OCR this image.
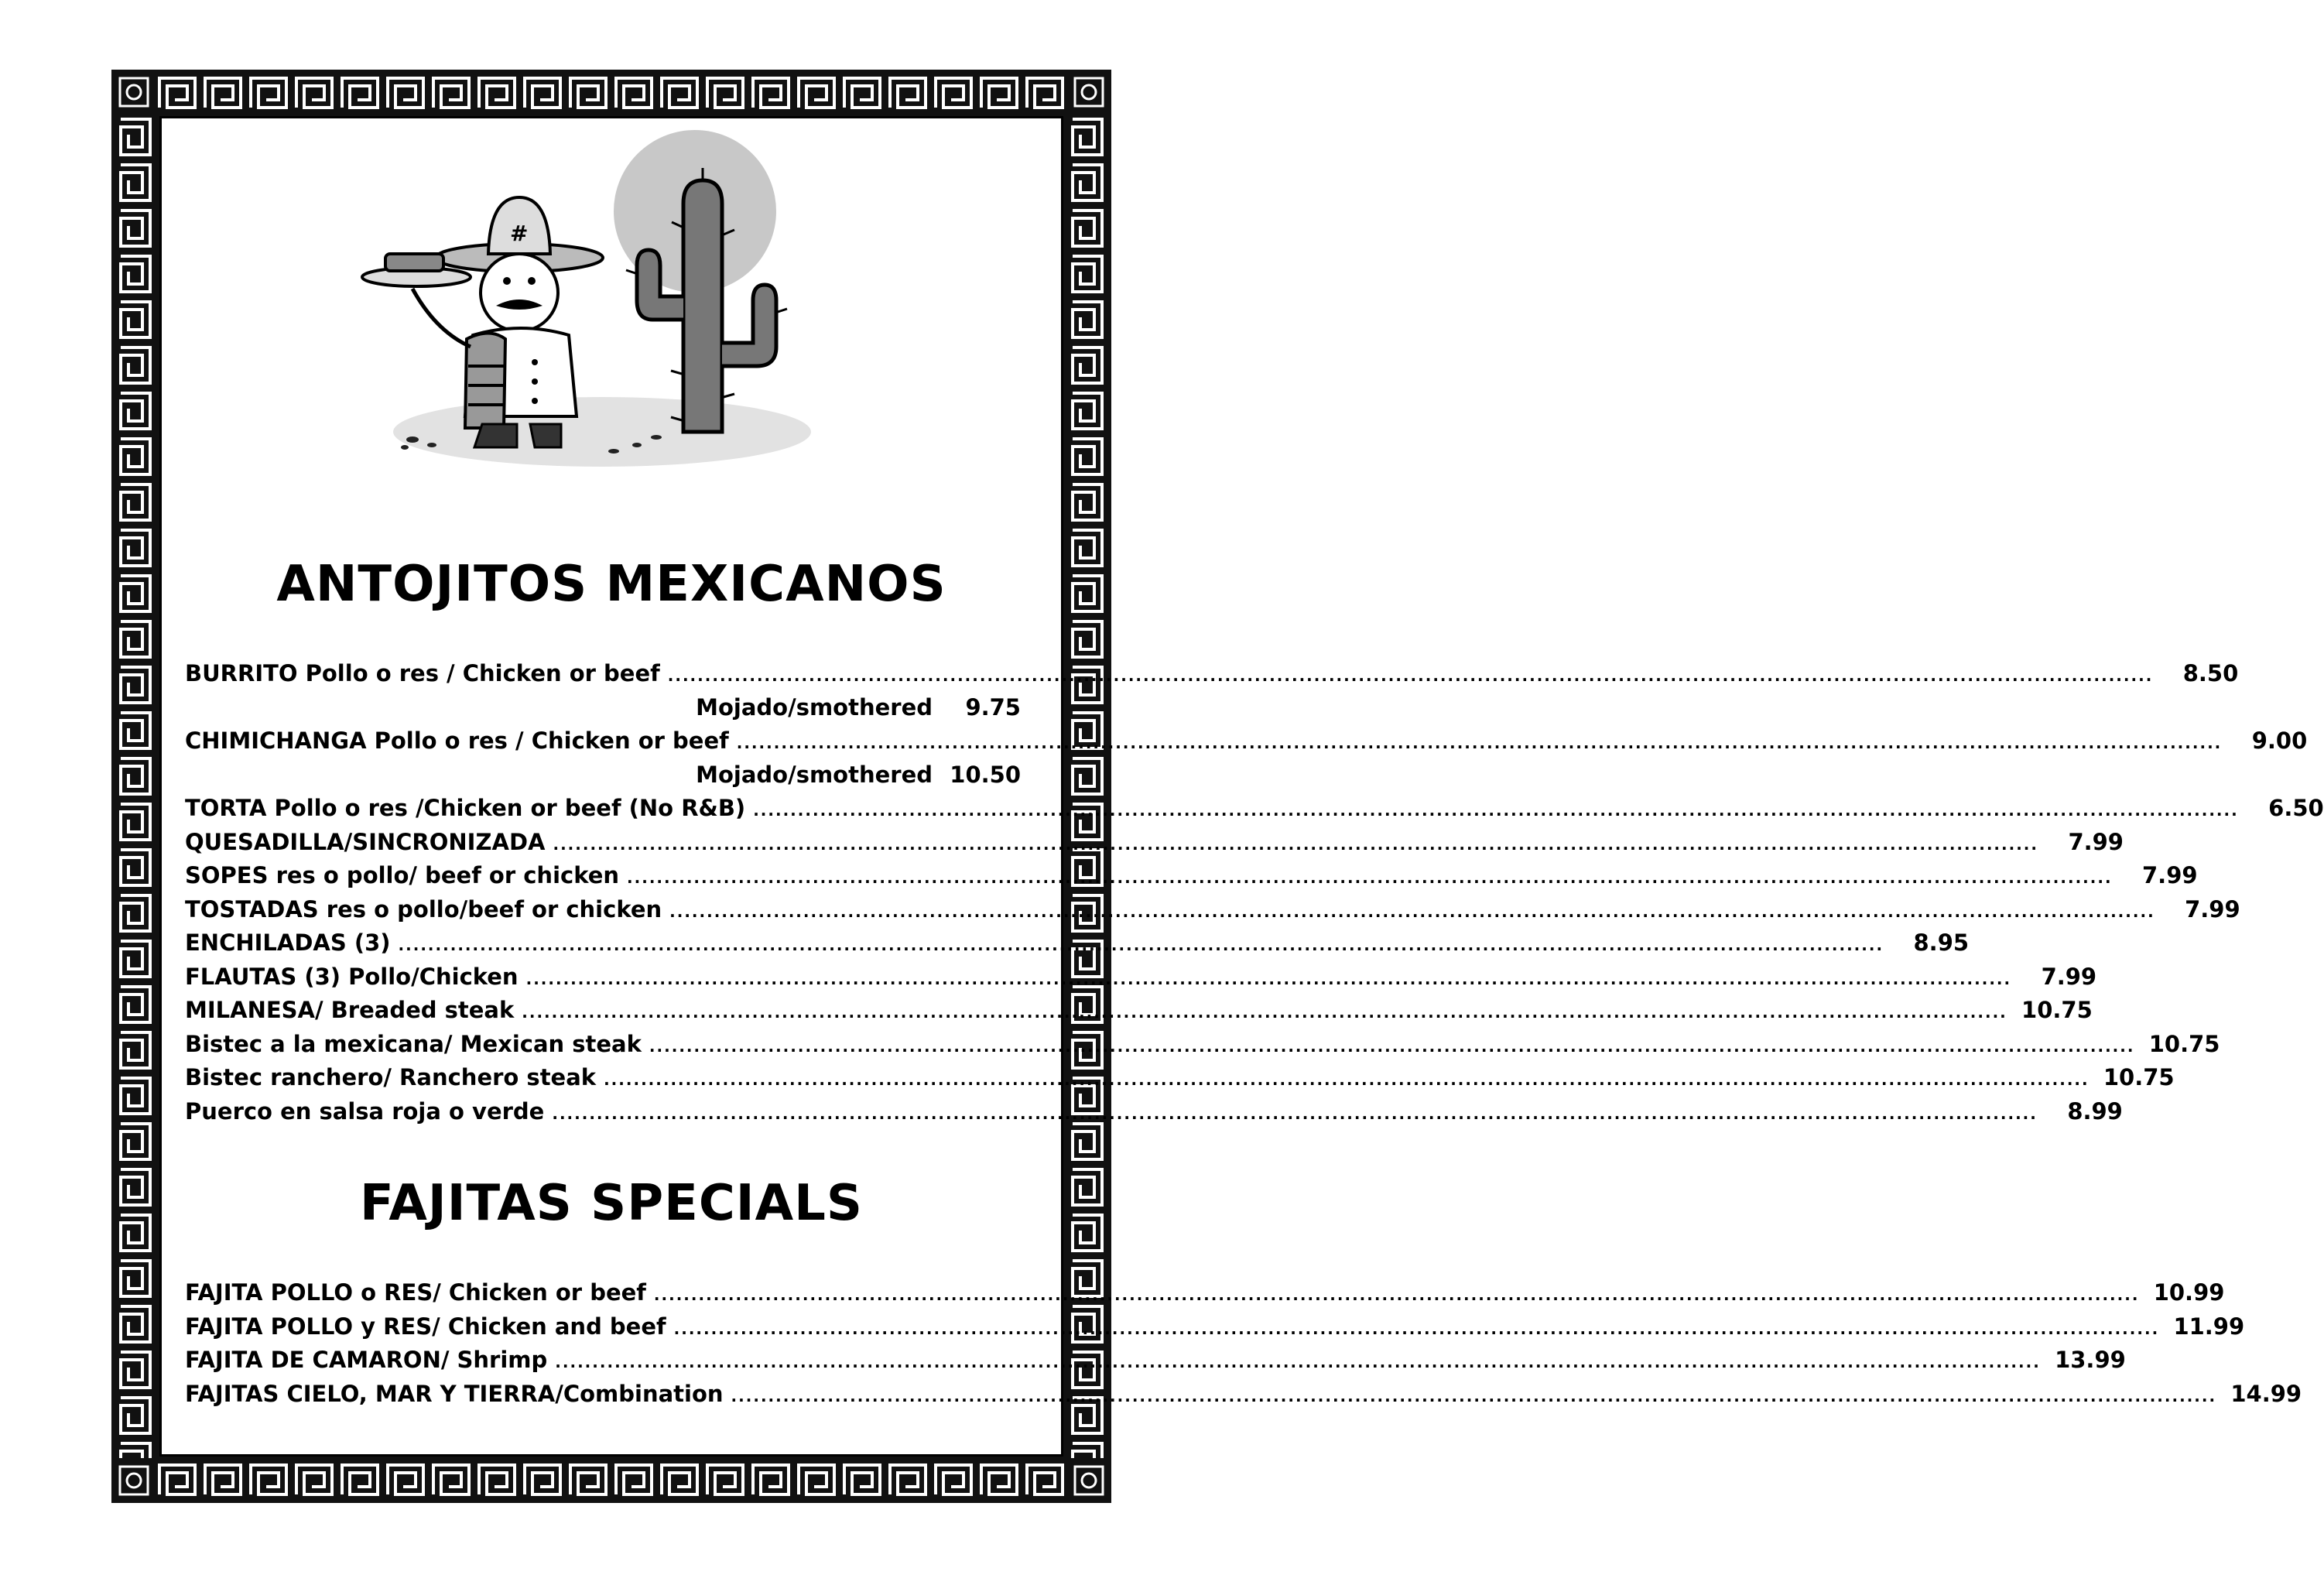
#
ANTOJITOS MEXICANOS
BURRITO Pollo o res / Chicken or beef ........................................................................................................................................................................................................	8.50
Mojado/smothered	9.75
CHIMICHANGA Pollo o res / Chicken or beef ........................................................................................................................................................................................................	9.00
Mojado/smothered 10.50
TORTA Pollo o res /Chicken or beef (No R&B) ........................................................................................................................................................................................................	6.50
QUESADILLA/SINCRONIZADA ........................................................................................................................................................................................................	7.99
SOPES res o pollo/ beef or chicken ........................................................................................................................................................................................................	7.99
TOSTADAS res o pollo/beef or chicken ........................................................................................................................................................................................................	7.99
ENCHILADAS (3) ........................................................................................................................................................................................................	8.95
FLAUTAS (3) Pollo/Chicken ........................................................................................................................................................................................................	7.99
MILANESA/ Breaded steak ........................................................................................................................................................................................................ 10.75
Bistec a la mexicana/ Mexican steak ........................................................................................................................................................................................................ 10.75
Bistec ranchero/ Ranchero steak ........................................................................................................................................................................................................ 10.75
Puerco en salsa roja o verde ........................................................................................................................................................................................................	8.99
FAJITAS SPECIALS
FAJITA POLLO o RES/ Chicken or beef ........................................................................................................................................................................................................ 10.99
FAJITA POLLO y RES/ Chicken and beef ........................................................................................................................................................................................................ 11.99
FAJITA DE CAMARON/ Shrimp ........................................................................................................................................................................................................ 13.99
FAJITAS CIELO, MAR Y TIERRA/Combination ........................................................................................................................................................................................................ 14.99
